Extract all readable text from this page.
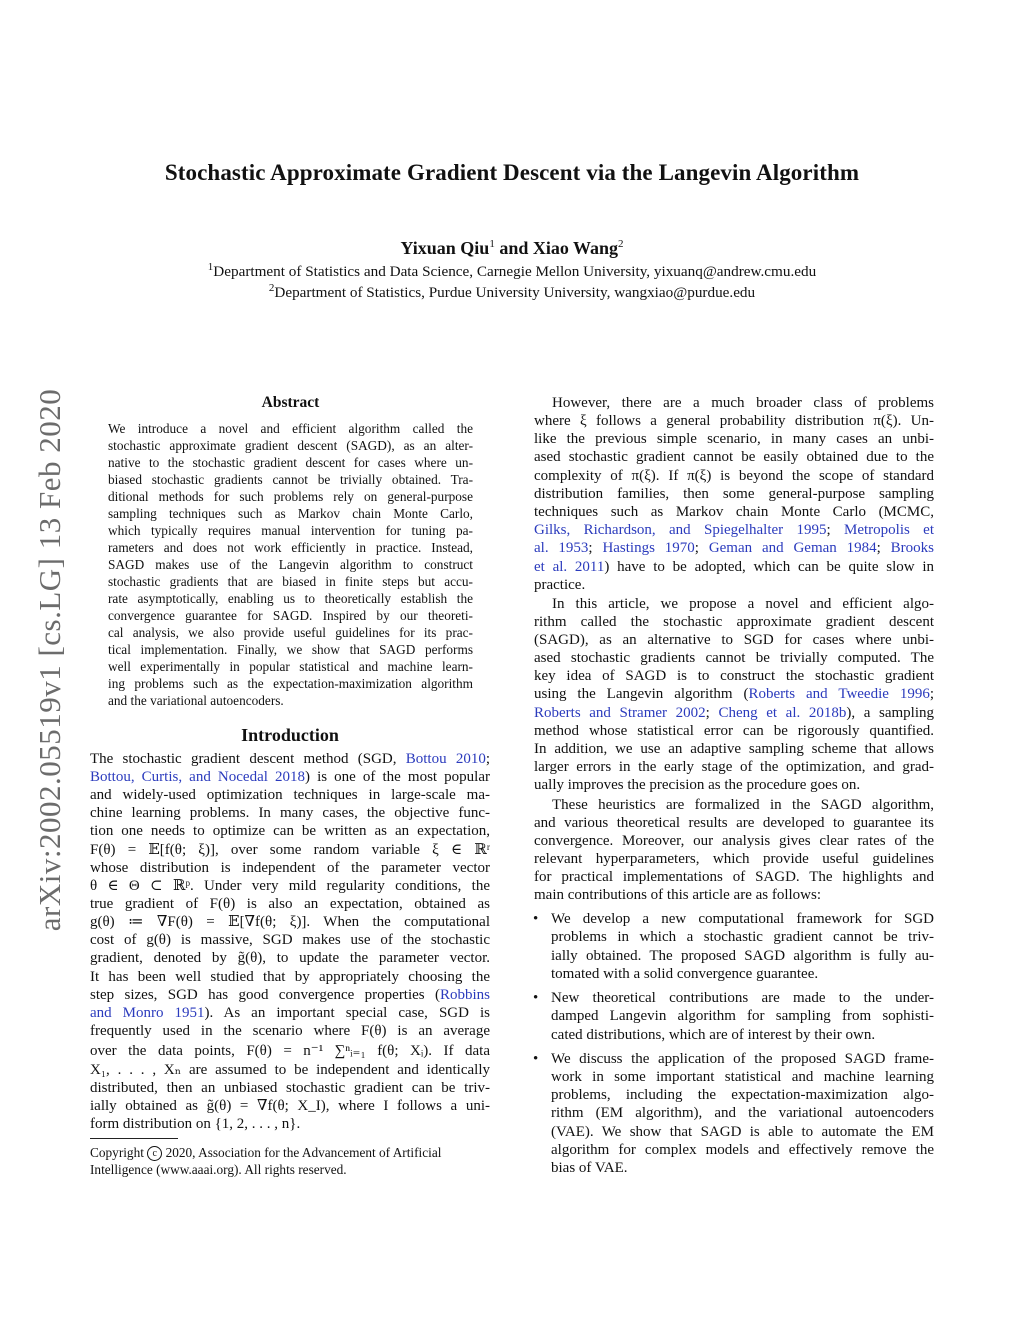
arXiv:2002.05519v1 [cs.LG] 13 Feb 2020
Stochastic Approximate Gradient Descent via the Langevin Algorithm
Yixuan Qiu$^1$ and Xiao Wang$^2$
$^1$Department of Statistics and Data Science, Carnegie Mellon University, yixuanq@andrew.cmu.edu
$^2$Department of Statistics, Purdue University University, wangxiao@purdue.edu
Abstract
We introduce a novel and efficient algorithm called the
stochastic approximate gradient descent (SAGD), as an alter-
native to the stochastic gradient descent for cases where un-
biased stochastic gradients cannot be trivially obtained. Tra-
ditional methods for such problems rely on general-purpose
sampling techniques such as Markov chain Monte Carlo,
which typically requires manual intervention for tuning pa-
rameters and does not work efficiently in practice. Instead,
SAGD makes use of the Langevin algorithm to construct
stochastic gradients that are biased in finite steps but accu-
rate asymptotically, enabling us to theoretically establish the
convergence guarantee for SAGD. Inspired by our theoreti-
cal analysis, we also provide useful guidelines for its prac-
tical implementation. Finally, we show that SAGD performs
well experimentally in popular statistical and machine learn-
ing problems such as the expectation-maximization algorithm
and the variational autoencoders.
Introduction
The stochastic gradient descent method (SGD, Bottou 2010;
Bottou, Curtis, and Nocedal 2018) is one of the most popular
and widely-used optimization techniques in large-scale ma-
chine learning problems. In many cases, the objective func-
tion one needs to optimize can be written as an expectation,
F(θ) = 𝔼[f(θ; ξ)], over some random variable ξ ∈ ℝʳ
whose distribution is independent of the parameter vector
θ ∈ Θ ⊂ ℝᵖ. Under very mild regularity conditions, the
true gradient of F(θ) is also an expectation, obtained as
g(θ) ≔ ∇F(θ) = 𝔼[∇f(θ; ξ)]. When the computational
cost of g(θ) is massive, SGD makes use of the stochastic
gradient, denoted by g̃(θ), to update the parameter vector.
It has been well studied that by appropriately choosing the
step sizes, SGD has good convergence properties (Robbins
and Monro 1951). As an important special case, SGD is
frequently used in the scenario where F(θ) is an average
over the data points, F(θ) = n⁻¹ ∑ⁿᵢ₌₁ f(θ; Xᵢ). If data
X₁, . . . , Xₙ are assumed to be independent and identically
distributed, then an unbiased stochastic gradient can be triv-
ially obtained as g̃(θ) = ∇f(θ; X_I), where I follows a uni-
form distribution on {1, 2, . . . , n}.
Copyright c 2020, Association for the Advancement of Artificial
Intelligence (www.aaai.org). All rights reserved.
However, there are a much broader class of problems
where ξ follows a general probability distribution π(ξ). Un-
like the previous simple scenario, in many cases an unbi-
ased stochastic gradient cannot be easily obtained due to the
complexity of π(ξ). If π(ξ) is beyond the scope of standard
distribution families, then some general-purpose sampling
techniques such as Markov chain Monte Carlo (MCMC,
Gilks, Richardson, and Spiegelhalter 1995; Metropolis et
al. 1953; Hastings 1970; Geman and Geman 1984; Brooks
et al. 2011) have to be adopted, which can be quite slow in
practice.
In this article, we propose a novel and efficient algo-
rithm called the stochastic approximate gradient descent
(SAGD), as an alternative to SGD for cases where unbi-
ased stochastic gradients cannot be trivially computed. The
key idea of SAGD is to construct the stochastic gradient
using the Langevin algorithm (Roberts and Tweedie 1996;
Roberts and Stramer 2002; Cheng et al. 2018b), a sampling
method whose statistical error can be rigorously quantified.
In addition, we use an adaptive sampling scheme that allows
larger errors in the early stage of the optimization, and grad-
ually improves the precision as the procedure goes on.
These heuristics are formalized in the SAGD algorithm,
and various theoretical results are developed to guarantee its
convergence. Moreover, our analysis gives clear rates of the
relevant hyperparameters, which provide useful guidelines
for practical implementations of SAGD. The highlights and
main contributions of this article are as follows:
• We develop a new computational framework for SGD
problems in which a stochastic gradient cannot be triv-
ially obtained. The proposed SAGD algorithm is fully au-
tomated with a solid convergence guarantee.
• New theoretical contributions are made to the under-
damped Langevin algorithm for sampling from sophisti-
cated distributions, which are of interest by their own.
• We discuss the application of the proposed SAGD frame-
work in some important statistical and machine learning
problems, including the expectation-maximization algo-
rithm (EM algorithm), and the variational autoencoders
(VAE). We show that SAGD is able to automate the EM
algorithm for complex models and effectively remove the
bias of VAE.
